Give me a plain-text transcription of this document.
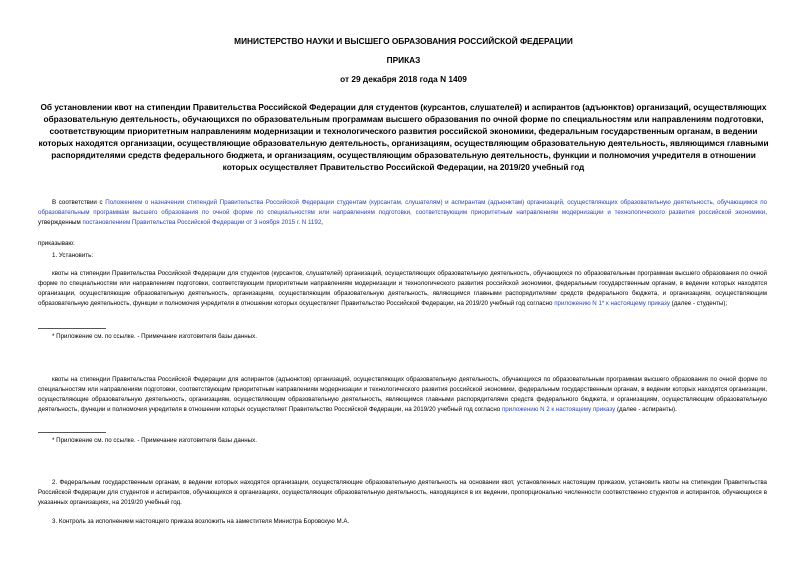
МИНИСТЕРСТВО НАУКИ И ВЫСШЕГО ОБРАЗОВАНИЯ РОССИЙСКОЙ ФЕДЕРАЦИИ
ПРИКАЗ
от 29 декабря 2018 года N 1409
Об установлении квот на стипендии Правительства Российской Федерации для студентов (курсантов, слушателей) и аспирантов (адъюнктов) организаций, осуществляющих образовательную деятельность, обучающихся по образовательным программам высшего образования по очной форме по специальностям или направлениям подготовки, соответствующим приоритетным направлениям модернизации и технологического развития российской экономики, федеральным государственным органам, в ведении которых находятся организации, осуществляющие образовательную деятельность, организациям, осуществляющим образовательную деятельность, являющимся главными распорядителями средств федерального бюджета, и организациям, осуществляющим образовательную деятельность, функции и полномочия учредителя в отношении которых осуществляет Правительство Российской Федерации, на 2019/20 учебный год
В соответствии с Положением о назначении стипендий Правительства Российской Федерации студентам (курсантам, слушателям) и аспирантам (адъюнктам) организаций, осуществляющих образовательную деятельность, обучающимся по образовательным программам высшего образования по очной форме по специальностям или направлениям подготовки, соответствующим приоритетным направлениям модернизации и технологического развития российской экономики, утвержденным постановлением Правительства Российской Федерации от 3 ноября 2015 г. N 1192,
приказываю:
1. Установить:
квоты на стипендии Правительства Российской Федерации для студентов (курсантов, слушателей) организаций, осуществляющих образовательную деятельность, обучающихся по образовательным программам высшего образования по очной форме по специальностям или направлениям подготовки, соответствующим приоритетным направлениям модернизации и технологического развития российской экономики, федеральным государственным органам, в ведении которых находятся организации, осуществляющие образовательную деятельность, организациям, осуществляющим образовательную деятельность, являющимся главными распорядителями средств федерального бюджета, и организациям, осуществляющим образовательную деятельность, функции и полномочия учредителя в отношении которых осуществляет Правительство Российской Федерации, на 2019/20 учебный год согласно приложению N 1* к настоящему приказу (далее - студенты);
* Приложение см. по ссылке. - Примечание изготовителя базы данных.
квоты на стипендии Правительства Российской Федерации для аспирантов (адъюнктов) организаций, осуществляющих образовательную деятельность, обучающихся по образовательным программам высшего образования по очной форме по специальностям или направлениям подготовки, соответствующим приоритетным направлениям модернизации и технологического развития российской экономики, федеральным государственным органам, в ведении которых находятся организации, осуществляющие образовательную деятельность, организациям, осуществляющим образовательную деятельность, являющимся главными распорядителями средств федерального бюджета, и организациям, осуществляющим образовательную деятельность, функции и полномочия учредителя в отношении которых осуществляет Правительство Российской Федерации, на 2019/20 учебный год согласно приложению N 2 к настоящему приказу (далее - аспиранты).
* Приложение см. по ссылке. - Примечание изготовителя базы данных.
2. Федеральным государственным органам, в ведении которых находятся организации, осуществляющие образовательную деятельность на основании квот, установленных настоящим приказом, установить квоты на стипендии Правительства Российской Федерации для студентов и аспирантов, обучающихся в организациях, осуществляющих образовательную деятельность, находящихся в их ведении, пропорционально численности соответственно студентов и аспирантов, обучающихся в указанных организациях, на 2019/20 учебный год.
3. Контроль за исполнением настоящего приказа возложить на заместителя Министра Боровскую М.А.
